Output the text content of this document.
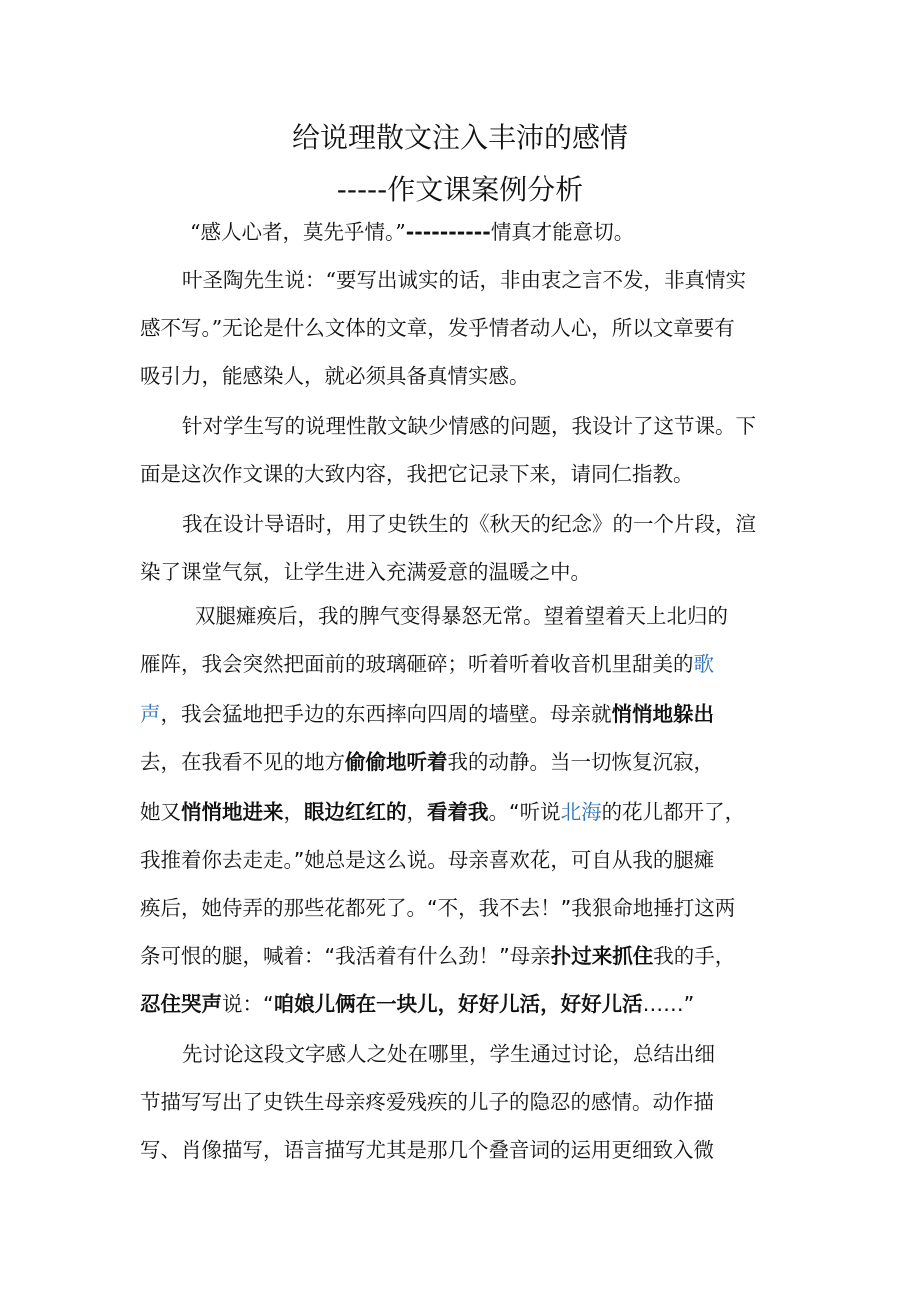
给说理散文注入丰沛的感情
-----作文课案例分析
“感人心者，莫先乎情。”----------情真才能意切。
叶圣陶先生说：“要写出诚实的话，非由衷之言不发，非真情实
感不写。”无论是什么文体的文章，发乎情者动人心，所以文章要有
吸引力，能感染人，就必须具备真情实感。
针对学生写的说理性散文缺少情感的问题，我设计了这节课。下
面是这次作文课的大致内容，我把它记录下来，请同仁指教。
我在设计导语时，用了史铁生的《秋天的纪念》的一个片段，渲
染了课堂气氛，让学生进入充满爱意的温暖之中。
双腿瘫痪后，我的脾气变得暴怒无常。望着望着天上北归的
雁阵，我会突然把面前的玻璃砸碎；听着听着收音机里甜美的歌
声，我会猛地把手边的东西摔向四周的墙壁。母亲就悄悄地躲出
去，在我看不见的地方偷偷地听着我的动静。当一切恢复沉寂，
她又悄悄地进来，眼边红红的，看着我。“听说北海的花儿都开了，
我推着你去走走。”她总是这么说。母亲喜欢花，可自从我的腿瘫
痪后，她侍弄的那些花都死了。“不，我不去！”我狠命地捶打这两
条可恨的腿，喊着：“我活着有什么劲！”母亲扑过来抓住我的手，
忍住哭声说：“咱娘儿俩在一块儿，好好儿活，好好儿活……”
先讨论这段文字感人之处在哪里，学生通过讨论，总结出细
节描写写出了史铁生母亲疼爱残疾的儿子的隐忍的感情。动作描
写、肖像描写，语言描写尤其是那几个叠音词的运用更细致入微
